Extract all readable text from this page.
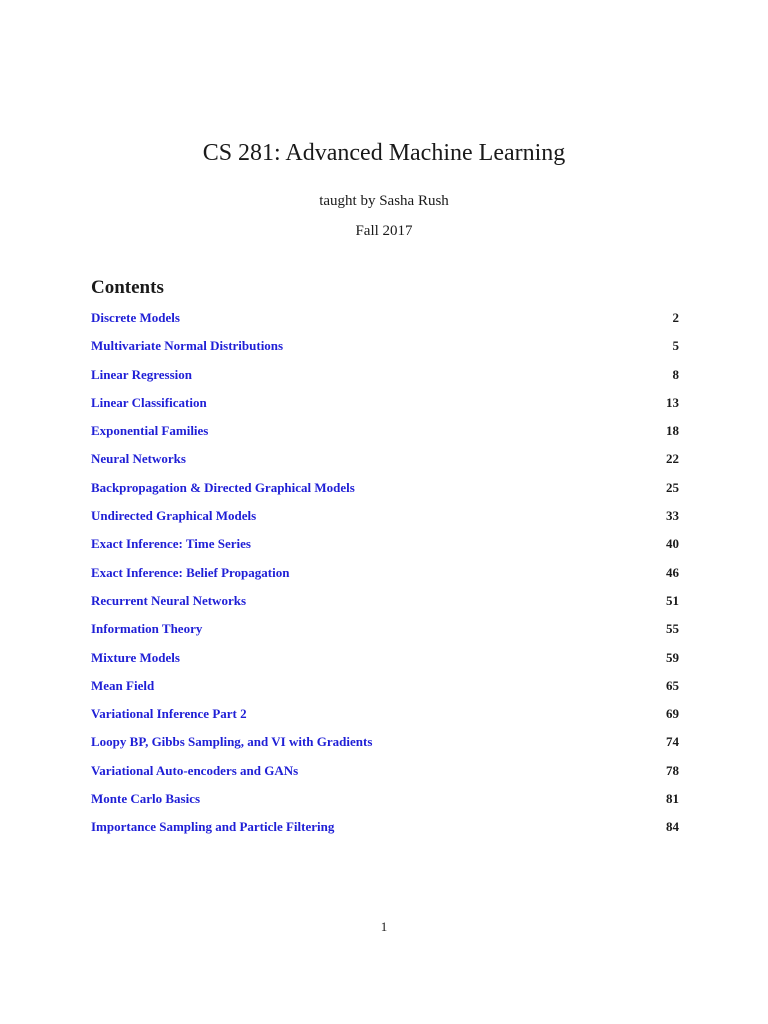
CS 281: Advanced Machine Learning
taught by Sasha Rush
Fall 2017
Contents
Discrete Models	2
Multivariate Normal Distributions	5
Linear Regression	8
Linear Classification	13
Exponential Families	18
Neural Networks	22
Backpropagation & Directed Graphical Models	25
Undirected Graphical Models	33
Exact Inference: Time Series	40
Exact Inference: Belief Propagation	46
Recurrent Neural Networks	51
Information Theory	55
Mixture Models	59
Mean Field	65
Variational Inference Part 2	69
Loopy BP, Gibbs Sampling, and VI with Gradients	74
Variational Auto-encoders and GANs	78
Monte Carlo Basics	81
Importance Sampling and Particle Filtering	84
1
